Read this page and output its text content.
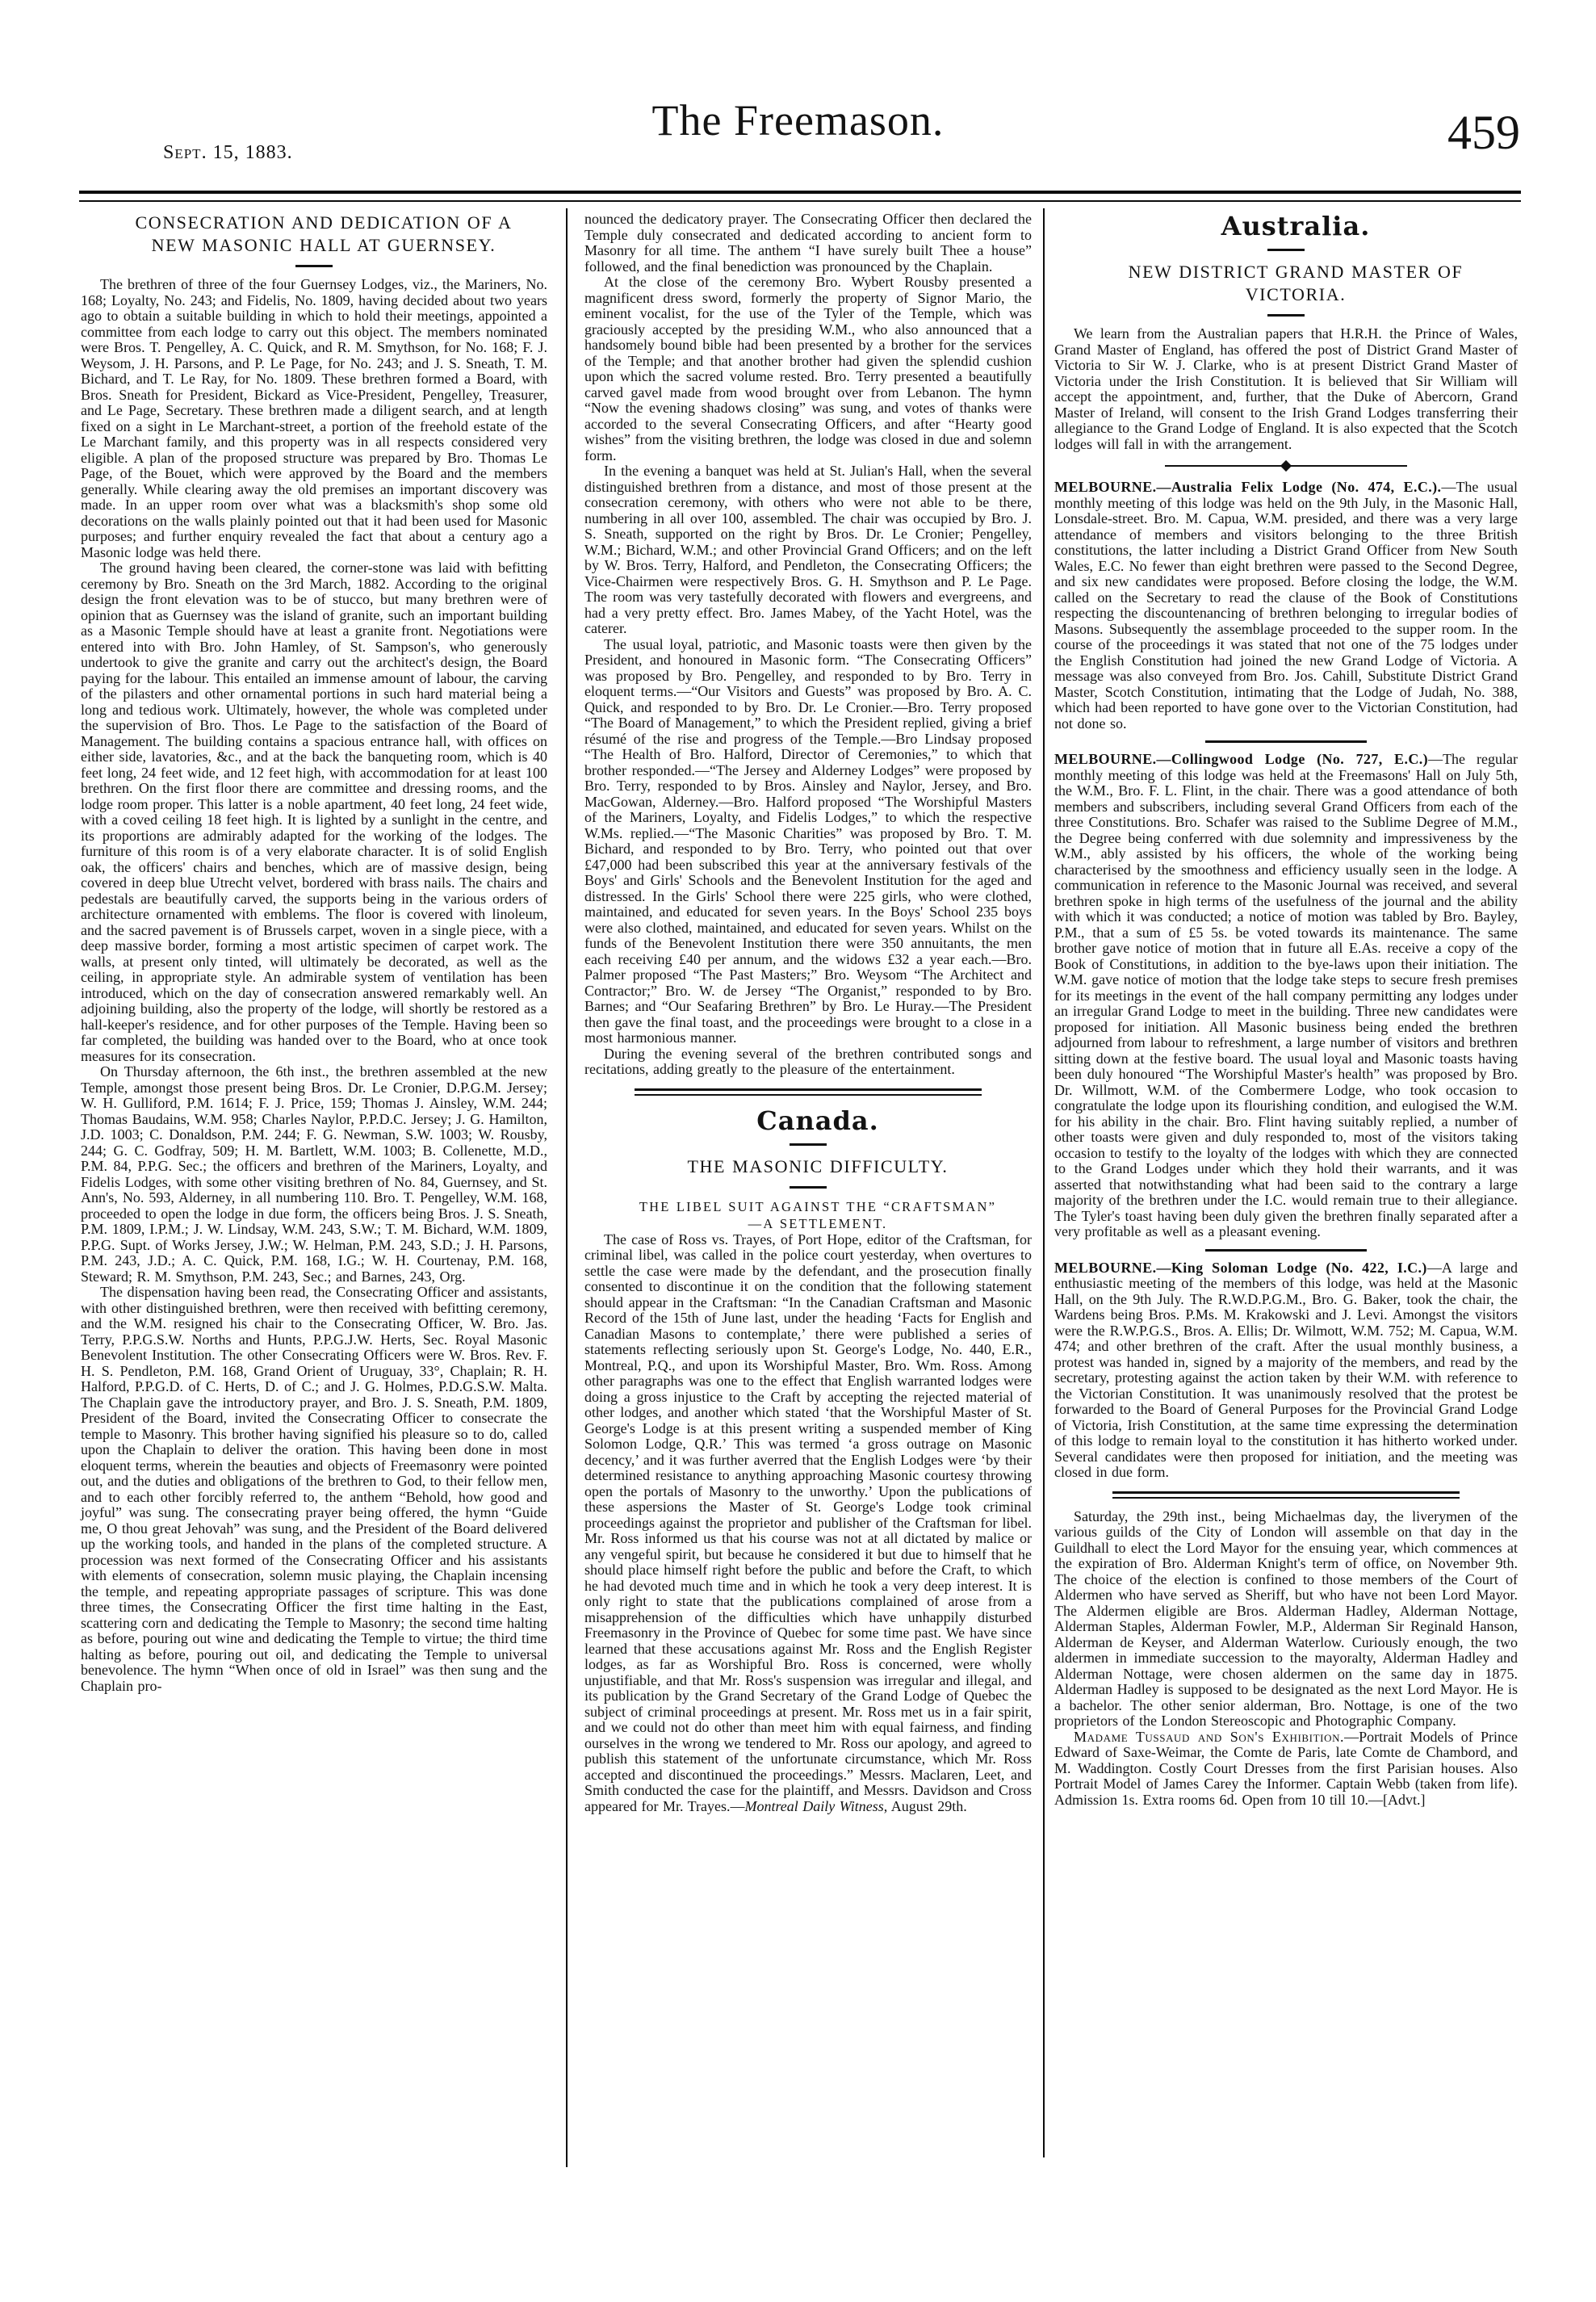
Sept. 15, 1883.
The Freemason.	459

CONSECRATION AND DEDICATION OF A

NEW MASONIC HALL AT GUERNSEY.

The brethren of three of the four Guernsey Lodges, viz., the Mariners, No. 168; Loyalty, No. 243; and Fidelis, No. 1809, having decided about two years ago to obtain a suitable building in which to hold their meetings, appointed a committee from each lodge to carry out this object. The members nominated were Bros. T. Pengelley, A. C. Quick, and R. M. Smythson, for No. 168; F. J. Weysom, J. H. Parsons, and P. Le Page, for No. 243; and J. S. Sneath, T. M. Bichard, and T. Le Ray, for No. 1809. These brethren formed a Board, with Bros. Sneath for President, Bickard as Vice-President, Pengelley, Treasurer, and Le Page, Secretary. These brethren made a diligent search, and at length fixed on a sight in Le Marchant-street, a portion of the freehold estate of the Le Marchant family, and this property was in all respects considered very eligible. A plan of the proposed structure was prepared by Bro. Thomas Le Page, of the Bouet, which were approved by the Board and the members generally. While clearing away the old premises an important discovery was made. In an upper room over what was a blacksmith's shop some old decorations on the walls plainly pointed out that it had been used for Masonic purposes; and further enquiry revealed the fact that about a century ago a Masonic lodge was held there.

The ground having been cleared, the corner-stone was laid with befitting ceremony by Bro. Sneath on the 3rd March, 1882. According to the original design the front elevation was to be of stucco, but many brethren were of opinion that as Guernsey was the island of granite, such an important building as a Masonic Temple should have at least a granite front. Negotiations were entered into with Bro. John Hamley, of St. Sampson's, who generously undertook to give the granite and carry out the architect's design, the Board paying for the labour. This entailed an immense amount of labour, the carving of the pilasters and other ornamental portions in such hard material being a long and tedious work. Ultimately, however, the whole was completed under the supervision of Bro. Thos. Le Page to the satisfaction of the Board of Management. The building contains a spacious entrance hall, with offices on either side, lavatories, &c., and at the back the banqueting room, which is 40 feet long, 24 feet wide, and 12 feet high, with accommodation for at least 100 brethren. On the first floor there are committee and dressing rooms, and the lodge room proper. This latter is a noble apartment, 40 feet long, 24 feet wide, with a coved ceiling 18 feet high. It is lighted by a sunlight in the centre, and its proportions are admirably adapted for the working of the lodges. The furniture of this room is of a very elaborate character. It is of solid English oak, the officers' chairs and benches, which are of massive design, being covered in deep blue Utrecht velvet, bordered with brass nails. The chairs and pedestals are beautifully carved, the supports being in the various orders of architecture ornamented with emblems. The floor is covered with linoleum, and the sacred pavement is of Brussels carpet, woven in a single piece, with a deep massive border, forming a most artistic specimen of carpet work. The walls, at present only tinted, will ultimately be decorated, as well as the ceiling, in appropriate style. An admirable system of ventilation has been introduced, which on the day of consecration answered remarkably well. An adjoining building, also the property of the lodge, will shortly be restored as a hall-keeper's residence, and for other purposes of the Temple. Having been so far completed, the building was handed over to the Board, who at once took measures for its consecration.

On Thursday afternoon, the 6th inst., the brethren assembled at the new Temple, amongst those present being Bros. Dr. Le Cronier, D.P.G.M. Jersey; W. H. Gulliford, P.M. 1614; F. J. Price, 159; Thomas J. Ainsley, W.M. 244; Thomas Baudains, W.M. 958; Charles Naylor, P.P.D.C. Jersey; J. G. Hamilton, J.D. 1003; C. Donaldson, P.M. 244; F. G. Newman, S.W. 1003; W. Rousby, 244; G. C. Godfray, 509; H. M. Bartlett, W.M. 1003; B. Collenette, M.D., P.M. 84, P.P.G. Sec.; the officers and brethren of the Mariners, Loyalty, and Fidelis Lodges, with some other visiting brethren of No. 84, Guernsey, and St. Ann's, No. 593, Alderney, in all numbering 110. Bro. T. Pengelley, W.M. 168, proceeded to open the lodge in due form, the officers being Bros. J. S. Sneath, P.M. 1809, I.P.M.; J. W. Lindsay, W.M. 243, S.W.; T. M. Bichard, W.M. 1809, P.P.G. Supt. of Works Jersey, J.W.; W. Helman, P.M. 243, S.D.; J. H. Parsons, P.M. 243, J.D.; A. C. Quick, P.M. 168, I.G.; W. H. Courtenay, P.M. 168, Steward; R. M. Smythson, P.M. 243, Sec.; and Barnes, 243, Org.

The dispensation having been read, the Consecrating Officer and assistants, with other distinguished brethren, were then received with befitting ceremony, and the W.M. resigned his chair to the Consecrating Officer, W. Bro. Jas. Terry, P.P.G.S.W. Norths and Hunts, P.P.G.J.W. Herts, Sec. Royal Masonic Benevolent Institution. The other Consecrating Officers were W. Bros. Rev. F. H. S. Pendleton, P.M. 168, Grand Orient of Uruguay, 33°, Chaplain; R. H. Halford, P.P.G.D. of C. Herts, D. of C.; and J. G. Holmes, P.D.G.S.W. Malta. The Chaplain gave the introductory prayer, and Bro. J. S. Sneath, P.M. 1809, President of the Board, invited the Consecrating Officer to consecrate the temple to Masonry. This brother having signified his pleasure so to do, called upon the Chaplain to deliver the oration. This having been done in most eloquent terms, wherein the beauties and objects of Freemasonry were pointed out, and the duties and obligations of the brethren to God, to their fellow men, and to each other forcibly referred to, the anthem “Behold, how good and joyful” was sung. The consecrating prayer being offered, the hymn “Guide me, O thou great Jehovah” was sung, and the President of the Board delivered up the working tools, and handed in the plans of the completed structure. A procession was next formed of the Consecrating Officer and his assistants with elements of consecration, solemn music playing, the Chaplain incensing the temple, and repeating appropriate passages of scripture. This was done three times, the Consecrating Officer the first time halting in the East, scattering corn and dedicating the Temple to Masonry; the second time halting as before, pouring out wine and dedicating the Temple to virtue; the third time halting as before, pouring out oil, and dedicating the Temple to universal benevolence. The hymn “When once of old in Israel” was then sung and the Chaplain pro-

nounced the dedicatory prayer. The Consecrating Officer then declared the Temple duly consecrated and dedicated according to ancient form to Masonry for all time. The anthem “I have surely built Thee a house” followed, and the final benediction was pronounced by the Chaplain.

At the close of the ceremony Bro. Wybert Rousby presented a magnificent dress sword, formerly the property of Signor Mario, the eminent vocalist, for the use of the Tyler of the Temple, which was graciously accepted by the presiding W.M., who also announced that a handsomely bound bible had been presented by a brother for the services of the Temple; and that another brother had given the splendid cushion upon which the sacred volume rested. Bro. Terry presented a beautifully carved gavel made from wood brought over from Lebanon. The hymn “Now the evening shadows closing” was sung, and votes of thanks were accorded to the several Consecrating Officers, and after “Hearty good wishes” from the visiting brethren, the lodge was closed in due and solemn form.

In the evening a banquet was held at St. Julian's Hall, when the several distinguished brethren from a distance, and most of those present at the consecration ceremony, with others who were not able to be there, numbering in all over 100, assembled. The chair was occupied by Bro. J. S. Sneath, supported on the right by Bros. Dr. Le Cronier; Pengelley, W.M.; Bichard, W.M.; and other Provincial Grand Officers; and on the left by W. Bros. Terry, Halford, and Pendleton, the Consecrating Officers; the Vice-Chairmen were respectively Bros. G. H. Smythson and P. Le Page. The room was very tastefully decorated with flowers and evergreens, and had a very pretty effect. Bro. James Mabey, of the Yacht Hotel, was the caterer.

The usual loyal, patriotic, and Masonic toasts were then given by the President, and honoured in Masonic form. “The Consecrating Officers” was proposed by Bro. Pengelley, and responded to by Bro. Terry in eloquent terms.—“Our Visitors and Guests” was proposed by Bro. A. C. Quick, and responded to by Bro. Dr. Le Cronier.—Bro. Terry proposed “The Board of Management,” to which the President replied, giving a brief résumé of the rise and progress of the Temple.—Bro Lindsay proposed “The Health of Bro. Halford, Director of Ceremonies,” to which that brother responded.—“The Jersey and Alderney Lodges” were proposed by Bro. Terry, responded to by Bros. Ainsley and Naylor, Jersey, and Bro. MacGowan, Alderney.—Bro. Halford proposed “The Worshipful Masters of the Mariners, Loyalty, and Fidelis Lodges,” to which the respective W.Ms. replied.—“The Masonic Charities” was proposed by Bro. T. M. Bichard, and responded to by Bro. Terry, who pointed out that over £47,000 had been subscribed this year at the anniversary festivals of the Boys' and Girls' Schools and the Benevolent Institution for the aged and distressed. In the Girls' School there were 225 girls, who were clothed, maintained, and educated for seven years. In the Boys' School 235 boys were also clothed, maintained, and educated for seven years. Whilst on the funds of the Benevolent Institution there were 350 annuitants, the men each receiving £40 per annum, and the widows £32 a year each.—Bro. Palmer proposed “The Past Masters;” Bro. Weysom “The Architect and Contractor;” Bro. W. de Jersey “The Organist,” responded to by Bro. Barnes; and “Our Seafaring Brethren” by Bro. Le Huray.—The President then gave the final toast, and the proceedings were brought to a close in a most harmonious manner.

During the evening several of the brethren contributed songs and recitations, adding greatly to the pleasure of the entertainment.

Canada.

THE MASONIC DIFFICULTY.

THE LIBEL SUIT AGAINST THE “CRAFTSMAN”

—A SETTLEMENT.

The case of Ross vs. Trayes, of Port Hope, editor of the Craftsman, for criminal libel, was called in the police court yesterday, when overtures to settle the case were made by the defendant, and the prosecution finally consented to discontinue it on the condition that the following statement should appear in the Craftsman: “In the Canadian Craftsman and Masonic Record of the 15th of June last, under the heading ‘Facts for English and Canadian Masons to contemplate,’ there were published a series of statements reflecting seriously upon St. George's Lodge, No. 440, E.R., Montreal, P.Q., and upon its Worshipful Master, Bro. Wm. Ross. Among other paragraphs was one to the effect that English warranted lodges were doing a gross injustice to the Craft by accepting the rejected material of other lodges, and another which stated ‘that the Worshipful Master of St. George's Lodge is at this present writing a suspended member of King Solomon Lodge, Q.R.’ This was termed ‘a gross outrage on Masonic decency,’ and it was further averred that the English Lodges were ‘by their determined resistance to anything approaching Masonic courtesy throwing open the portals of Masonry to the unworthy.’ Upon the publications of these aspersions the Master of St. George's Lodge took criminal proceedings against the proprietor and publisher of the Craftsman for libel. Mr. Ross informed us that his course was not at all dictated by malice or any vengeful spirit, but because he considered it but due to himself that he should place himself right before the public and before the Craft, to which he had devoted much time and in which he took a very deep interest. It is only right to state that the publications complained of arose from a misapprehension of the difficulties which have unhappily disturbed Freemasonry in the Province of Quebec for some time past. We have since learned that these accusations against Mr. Ross and the English Register lodges, as far as Worshipful Bro. Ross is concerned, were wholly unjustifiable, and that Mr. Ross's suspension was irregular and illegal, and its publication by the Grand Secretary of the Grand Lodge of Quebec the subject of criminal proceedings at present. Mr. Ross met us in a fair spirit, and we could not do other than meet him with equal fairness, and finding ourselves in the wrong we tendered to Mr. Ross our apology, and agreed to publish this statement of the unfortunate circumstance, which Mr. Ross accepted and discontinued the proceedings.” Messrs. Maclaren, Leet, and Smith conducted the case for the plaintiff, and Messrs. Davidson and Cross appeared for Mr. Trayes.—Montreal Daily Witness, August 29th.

Australia.

NEW DISTRICT GRAND MASTER OF

VICTORIA.

We learn from the Australian papers that H.R.H. the Prince of Wales, Grand Master of England, has offered the post of District Grand Master of Victoria to Sir W. J. Clarke, who is at present District Grand Master of Victoria under the Irish Constitution. It is believed that Sir William will accept the appointment, and, further, that the Duke of Abercorn, Grand Master of Ireland, will consent to the Irish Grand Lodges transferring their allegiance to the Grand Lodge of England. It is also expected that the Scotch lodges will fall in with the arrangement.

MELBOURNE.—Australia Felix Lodge (No. 474, E.C.).—The usual monthly meeting of this lodge was held on the 9th July, in the Masonic Hall, Lonsdale-street. Bro. M. Capua, W.M. presided, and there was a very large attendance of members and visitors belonging to the three British constitutions, the latter including a District Grand Officer from New South Wales, E.C. No fewer than eight brethren were passed to the Second Degree, and six new candidates were proposed. Before closing the lodge, the W.M. called on the Secretary to read the clause of the Book of Constitutions respecting the discountenancing of brethren belonging to irregular bodies of Masons. Subsequently the assemblage proceeded to the supper room. In the course of the proceedings it was stated that not one of the 75 lodges under the English Constitution had joined the new Grand Lodge of Victoria. A message was also conveyed from Bro. Jos. Cahill, Substitute District Grand Master, Scotch Constitution, intimating that the Lodge of Judah, No. 388, which had been reported to have gone over to the Victorian Constitution, had not done so.

MELBOURNE.—Collingwood Lodge (No. 727, E.C.)—The regular monthly meeting of this lodge was held at the Freemasons' Hall on July 5th, the W.M., Bro. F. L. Flint, in the chair. There was a good attendance of both members and subscribers, including several Grand Officers from each of the three Constitutions. Bro. Schafer was raised to the Sublime Degree of M.M., the Degree being conferred with due solemnity and impressiveness by the W.M., ably assisted by his officers, the whole of the working being characterised by the smoothness and efficiency usually seen in the lodge. A communication in reference to the Masonic Journal was received, and several brethren spoke in high terms of the usefulness of the journal and the ability with which it was conducted; a notice of motion was tabled by Bro. Bayley, P.M., that a sum of £5 5s. be voted towards its maintenance. The same brother gave notice of motion that in future all E.As. receive a copy of the Book of Constitutions, in addition to the bye-laws upon their initiation. The W.M. gave notice of motion that the lodge take steps to secure fresh premises for its meetings in the event of the hall company permitting any lodges under an irregular Grand Lodge to meet in the building. Three new candidates were proposed for initiation. All Masonic business being ended the brethren adjourned from labour to refreshment, a large number of visitors and brethren sitting down at the festive board. The usual loyal and Masonic toasts having been duly honoured “The Worshipful Master's health” was proposed by Bro. Dr. Willmott, W.M. of the Combermere Lodge, who took occasion to congratulate the lodge upon its flourishing condition, and eulogised the W.M. for his ability in the chair. Bro. Flint having suitably replied, a number of other toasts were given and duly responded to, most of the visitors taking occasion to testify to the loyalty of the lodges with which they are connected to the Grand Lodges under which they hold their warrants, and it was asserted that notwithstanding what had been said to the contrary a large majority of the brethren under the I.C. would remain true to their allegiance. The Tyler's toast having been duly given the brethren finally separated after a very profitable as well as a pleasant evening.

MELBOURNE.—King Soloman Lodge (No. 422, I.C.)—A large and enthusiastic meeting of the members of this lodge, was held at the Masonic Hall, on the 9th July. The R.W.D.P.G.M., Bro. G. Baker, took the chair, the Wardens being Bros. P.Ms. M. Krakowski and J. Levi. Amongst the visitors were the R.W.P.G.S., Bros. A. Ellis; Dr. Wilmott, W.M. 752; M. Capua, W.M. 474; and other brethren of the craft. After the usual monthly business, a protest was handed in, signed by a majority of the members, and read by the secretary, protesting against the action taken by their W.M. with reference to the Victorian Constitution. It was unanimously resolved that the protest be forwarded to the Board of General Purposes for the Provincial Grand Lodge of Victoria, Irish Constitution, at the same time expressing the determination of this lodge to remain loyal to the constitution it has hitherto worked under. Several candidates were then proposed for initiation, and the meeting was closed in due form.

Saturday, the 29th inst., being Michaelmas day, the liverymen of the various guilds of the City of London will assemble on that day in the Guildhall to elect the Lord Mayor for the ensuing year, which commences at the expiration of Bro. Alderman Knight's term of office, on November 9th. The choice of the election is confined to those members of the Court of Aldermen who have served as Sheriff, but who have not been Lord Mayor. The Aldermen eligible are Bros. Alderman Hadley, Alderman Nottage, Alderman Staples, Alderman Fowler, M.P., Alderman Sir Reginald Hanson, Alderman de Keyser, and Alderman Waterlow. Curiously enough, the two aldermen in immediate succession to the mayoralty, Alderman Hadley and Alderman Nottage, were chosen aldermen on the same day in 1875. Alderman Hadley is supposed to be designated as the next Lord Mayor. He is a bachelor. The other senior alderman, Bro. Nottage, is one of the two proprietors of the London Stereoscopic and Photographic Company.

Madame Tussaud and Son's Exhibition.—Portrait Models of Prince Edward of Saxe-Weimar, the Comte de Paris, late Comte de Chambord, and M. Waddington. Costly Court Dresses from the first Parisian houses. Also Portrait Model of James Carey the Informer. Captain Webb (taken from life). Admission 1s. Extra rooms 6d. Open from 10 till 10.—[Advt.]
